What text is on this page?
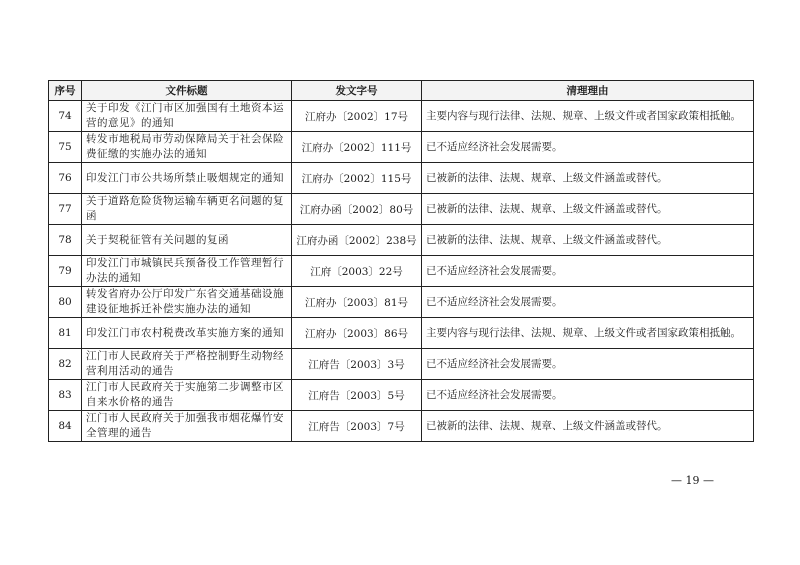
序号	文件标题	发文字号	清理理由
74	关于印发《江门市区加强国有土地资本运营的意见》的通知	江府办〔2002〕17号	主要内容与现行法律、法规、规章、上级文件或者国家政策相抵触。
75	转发市地税局市劳动保障局关于社会保险费征缴的实施办法的通知	江府办〔2002〕111号	已不适应经济社会发展需要。
76	印发江门市公共场所禁止吸烟规定的通知	江府办〔2002〕115号	已被新的法律、法规、规章、上级文件涵盖或替代。
77	关于道路危险货物运输车辆更名问题的复函	江府办函〔2002〕80号	已被新的法律、法规、规章、上级文件涵盖或替代。
78	关于契税征管有关问题的复函	江府办函〔2002〕238号	已被新的法律、法规、规章、上级文件涵盖或替代。
79	印发江门市城镇民兵预备役工作管理暂行办法的通知	江府〔2003〕22号	已不适应经济社会发展需要。
80	转发省府办公厅印发广东省交通基础设施建设征地拆迁补偿实施办法的通知	江府办〔2003〕81号	已不适应经济社会发展需要。
81	印发江门市农村税费改革实施方案的通知	江府办〔2003〕86号	主要内容与现行法律、法规、规章、上级文件或者国家政策相抵触。
82	江门市人民政府关于严格控制野生动物经营利用活动的通告	江府告〔2003〕3号	已不适应经济社会发展需要。
83	江门市人民政府关于实施第二步调整市区自来水价格的通告	江府告〔2003〕5号	已不适应经济社会发展需要。
84	江门市人民政府关于加强我市烟花爆竹安全管理的通告	江府告〔2003〕7号	已被新的法律、法规、规章、上级文件涵盖或替代。
— 19 —
